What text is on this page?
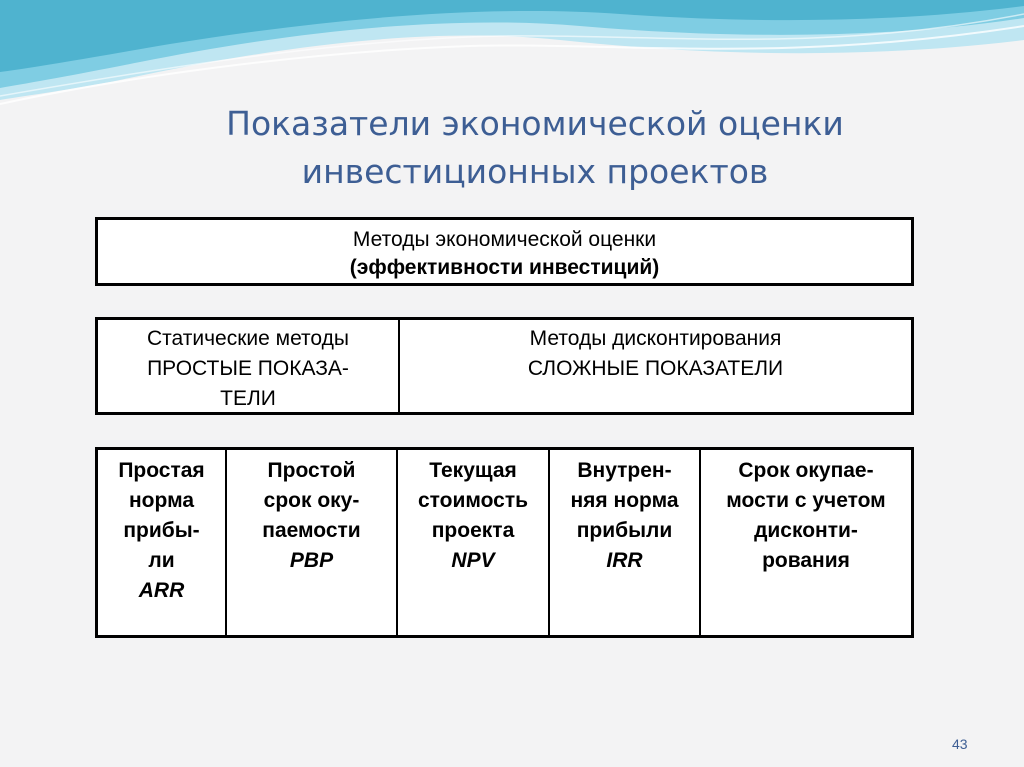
Показатели экономической оценки
инвестиционных проектов
Методы экономической оценки
(эффективности инвестиций)
Статические методы
ПРОСТЫЕ ПОКАЗА-
ТЕЛИ
Методы дисконтирования
СЛОЖНЫЕ ПОКАЗАТЕЛИ
Простая
норма
прибы-
ли
ARR
Простой
срок оку-
паемости
PBP
Текущая
стоимость
проекта
NPV
Внутрен-
няя норма
прибыли
IRR
Срок окупае-
мости с учетом
дисконти-
рования
43
